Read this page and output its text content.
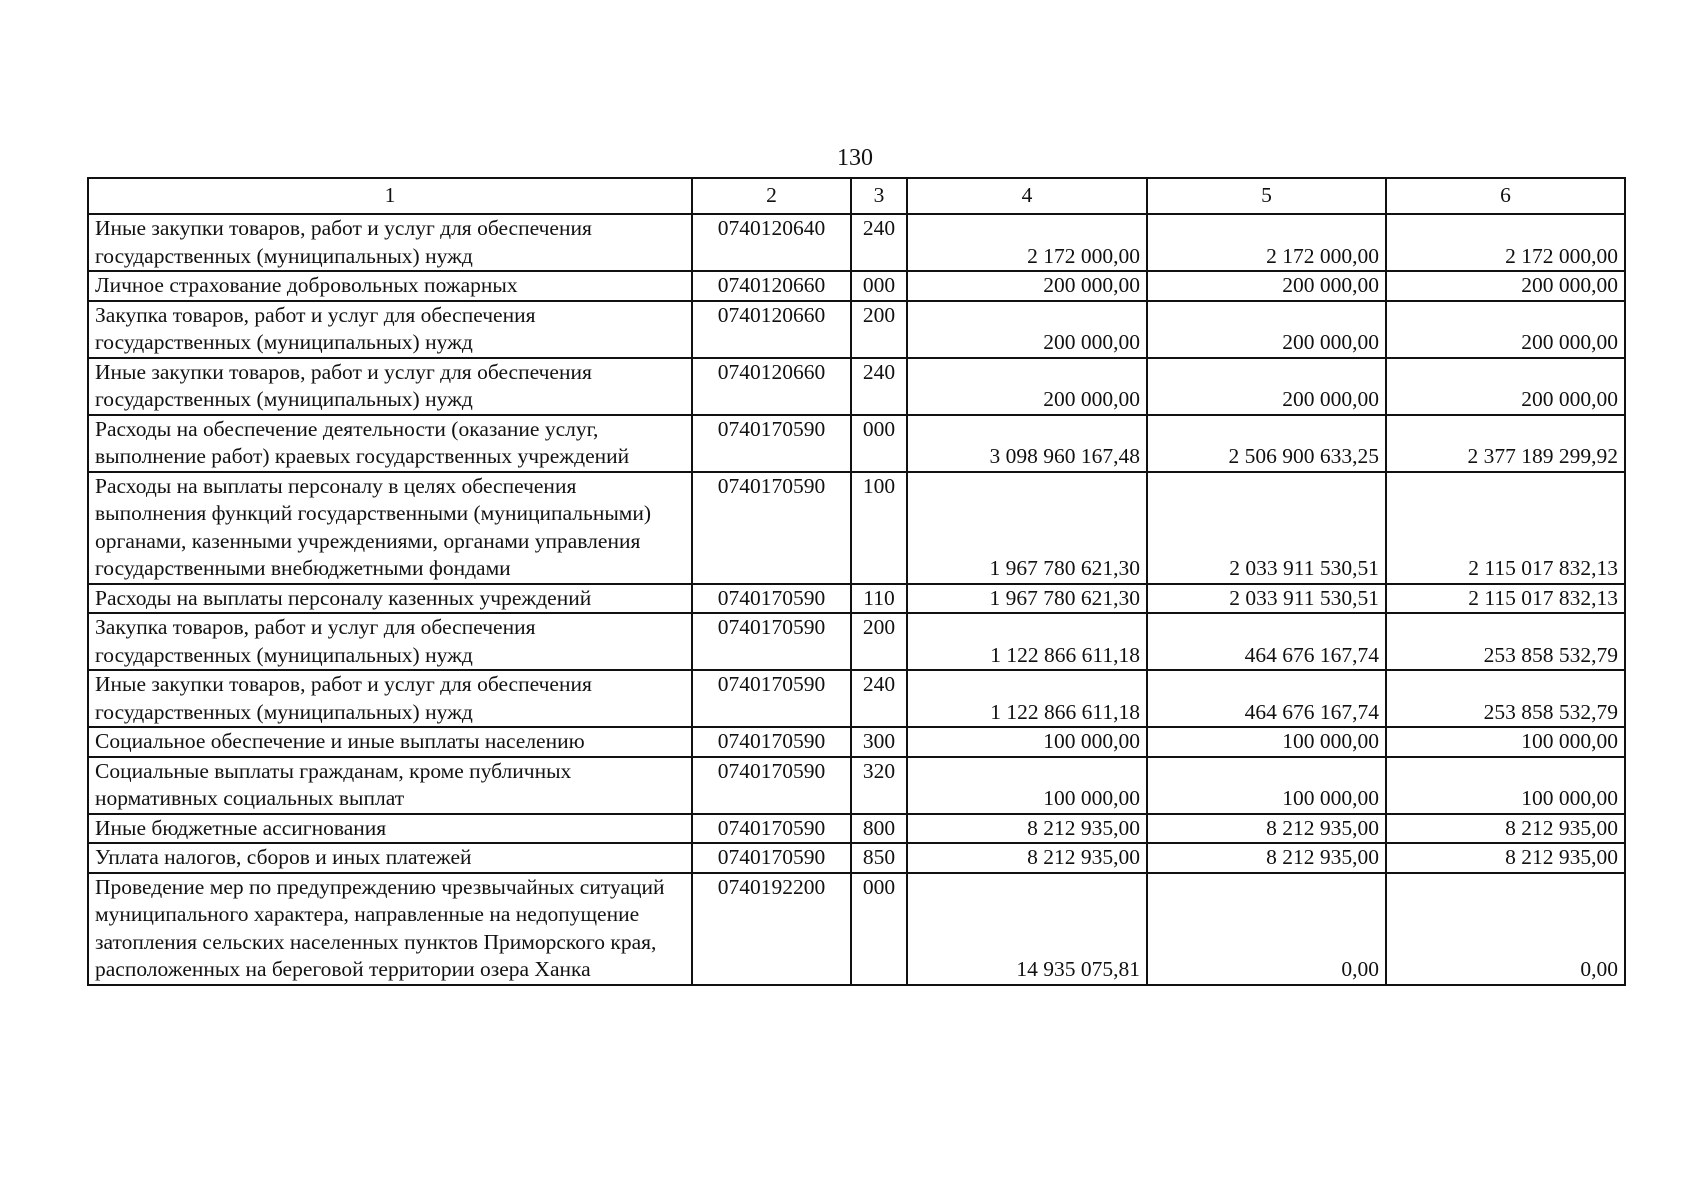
130
1	2	3	4	5	6
Иные закупки товаров, работ и услуг для обеспечения государственных (муниципальных) нужд	0740120640	240	2 172 000,00	2 172 000,00	2 172 000,00
Личное страхование добровольных пожарных	0740120660	000	200 000,00	200 000,00	200 000,00
Закупка товаров, работ и услуг для обеспечения государственных (муниципальных) нужд	0740120660	200	200 000,00	200 000,00	200 000,00
Иные закупки товаров, работ и услуг для обеспечения государственных (муниципальных) нужд	0740120660	240	200 000,00	200 000,00	200 000,00
Расходы на обеспечение деятельности (оказание услуг, выполнение работ) краевых государственных учреждений	0740170590	000	3 098 960 167,48	2 506 900 633,25	2 377 189 299,92
Расходы на выплаты персоналу в целях обеспечения выполнения функций государственными (муниципальными) органами, казенными учреждениями, органами управления государственными внебюджетными фондами	0740170590	100	1 967 780 621,30	2 033 911 530,51	2 115 017 832,13
Расходы на выплаты персоналу казенных учреждений	0740170590	110	1 967 780 621,30	2 033 911 530,51	2 115 017 832,13
Закупка товаров, работ и услуг для обеспечения государственных (муниципальных) нужд	0740170590	200	1 122 866 611,18	464 676 167,74	253 858 532,79
Иные закупки товаров, работ и услуг для обеспечения государственных (муниципальных) нужд	0740170590	240	1 122 866 611,18	464 676 167,74	253 858 532,79
Социальное обеспечение и иные выплаты населению	0740170590	300	100 000,00	100 000,00	100 000,00
Социальные выплаты гражданам, кроме публичных нормативных социальных выплат	0740170590	320	100 000,00	100 000,00	100 000,00
Иные бюджетные ассигнования	0740170590	800	8 212 935,00	8 212 935,00	8 212 935,00
Уплата налогов, сборов и иных платежей	0740170590	850	8 212 935,00	8 212 935,00	8 212 935,00
Проведение мер по предупреждению чрезвычайных ситуаций муниципального характера, направленные на недопущение затопления сельских населенных пунктов Приморского края, расположенных на береговой территории озера Ханка	0740192200	000	14 935 075,81	0,00	0,00
